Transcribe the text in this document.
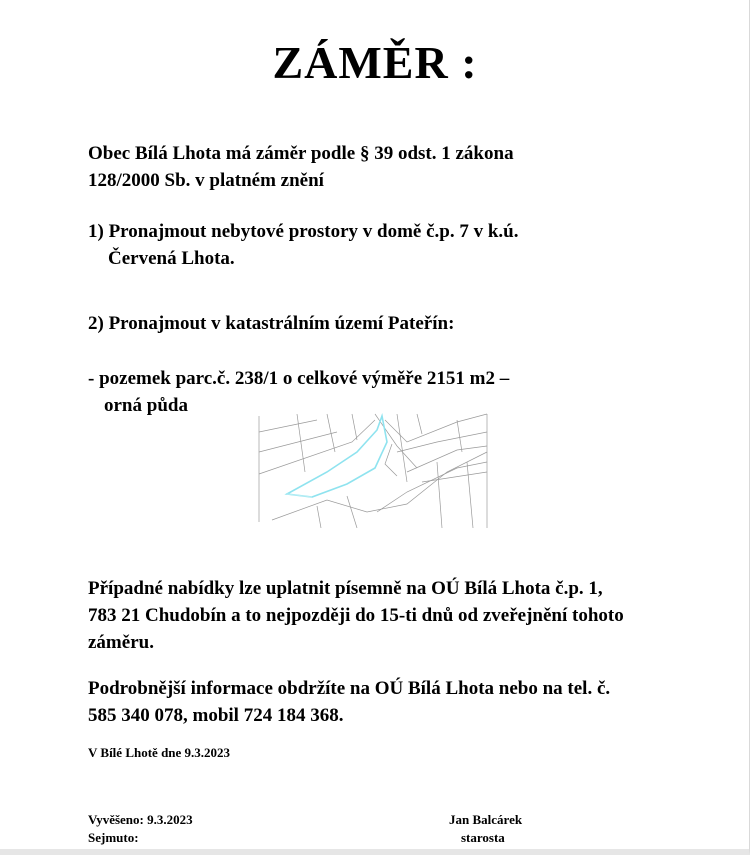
ZÁMĚR :
Obec Bílá Lhota má záměr podle § 39 odst. 1 zákona
128/2000 Sb. v platném znění
1) Pronajmout nebytové prostory v domě č.p. 7 v k.ú.
Červená Lhota.
2) Pronajmout v katastrálním území Pateřín:
- pozemek parc.č. 238/1 o celkové výměře 2151 m2 –
orná půda
Případné nabídky lze uplatnit písemně na OÚ Bílá Lhota č.p. 1,
783 21 Chudobín a to nejpozději do 15-ti dnů od zveřejnění tohoto
záměru.
Podrobnější informace obdržíte na OÚ Bílá Lhota nebo na tel. č.
585 340 078, mobil 724 184 368.
V Bílé Lhotě dne 9.3.2023
Vyvěšeno: 9.3.2023
Sejmuto:
Jan Balcárek
starosta
